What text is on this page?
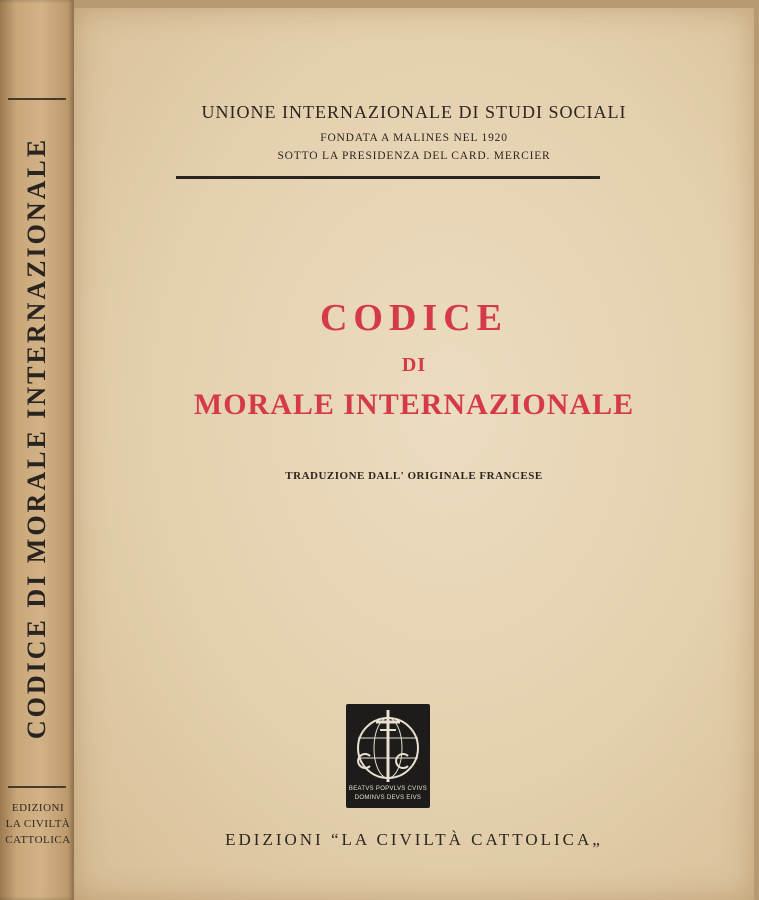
CODICE DI MORALE INTERNAZIONALE
EDIZIONI
LA CIVILTÀ
CATTOLICA

UNIONE INTERNAZIONALE DI STUDI SOCIALI

FONDATA A MALINES NEL 1920

SOTTO LA PRESIDENZA DEL CARD. MERCIER

CODICE

DI

MORALE INTERNAZIONALE

TRADUZIONE DALL' ORIGINALE FRANCESE

BEATVS POPVLVS CVIVS
DOMINVS DEVS EIVS

EDIZIONI “LA CIVILTÀ CATTOLICA„
